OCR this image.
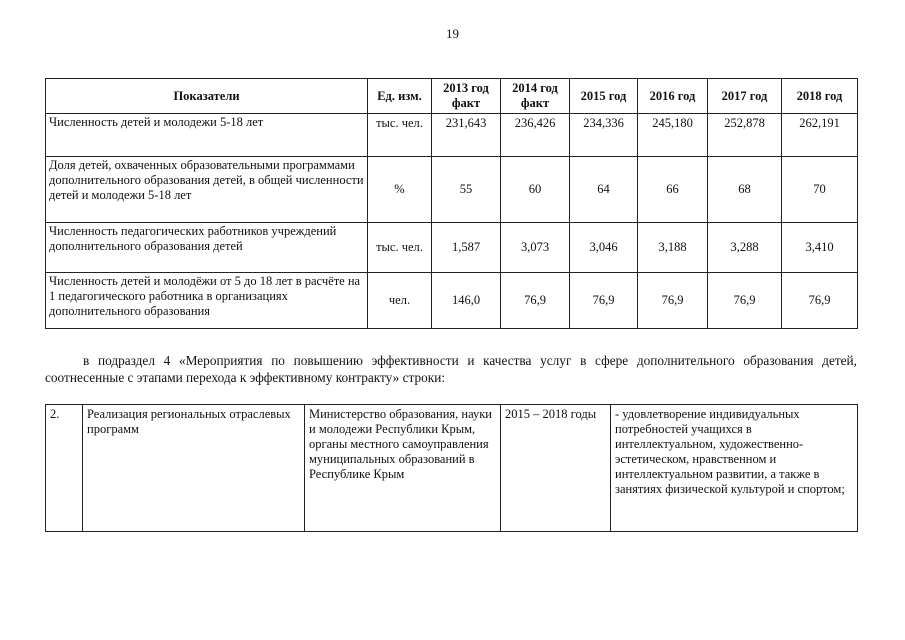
19
Показатели	Ед. изм.	2013 год факт	2014 год факт	2015 год	2016 год	2017 год	2018 год
Численность детей и молодежи 5-18 лет	тыс. чел.	231,643	236,426	234,336	245,180	252,878	262,191
Доля детей, охваченных образовательными программами дополнительного образования детей, в общей численности детей и молодежи 5-18 лет	%	55	60	64	66	68	70
Численность педагогических работников учреждений дополнительного образования детей	тыс. чел.	1,587	3,073	3,046	3,188	3,288	3,410
Численность детей и молодёжи от 5 до 18 лет в расчёте на 1 педагогического работника в организациях дополнительного образования	чел.	146,0	76,9	76,9	76,9	76,9	76,9
в подраздел 4 «Мероприятия по повышению эффективности и качества услуг в сфере дополнительного образования детей, соотнесенные с этапами перехода к эффективному контракту» строки:
2.	Реализация региональных отраслевых программ	Министерство образования, науки и молодежи Республики Крым, органы местного самоуправления муниципальных образований в Республике Крым	2015 – 2018 годы	- удовлетворение индивидуальных потребностей учащихся в интеллектуальном, художественно-эстетическом, нравственном и интеллектуальном развитии, а также в занятиях физической культурой и спортом;
